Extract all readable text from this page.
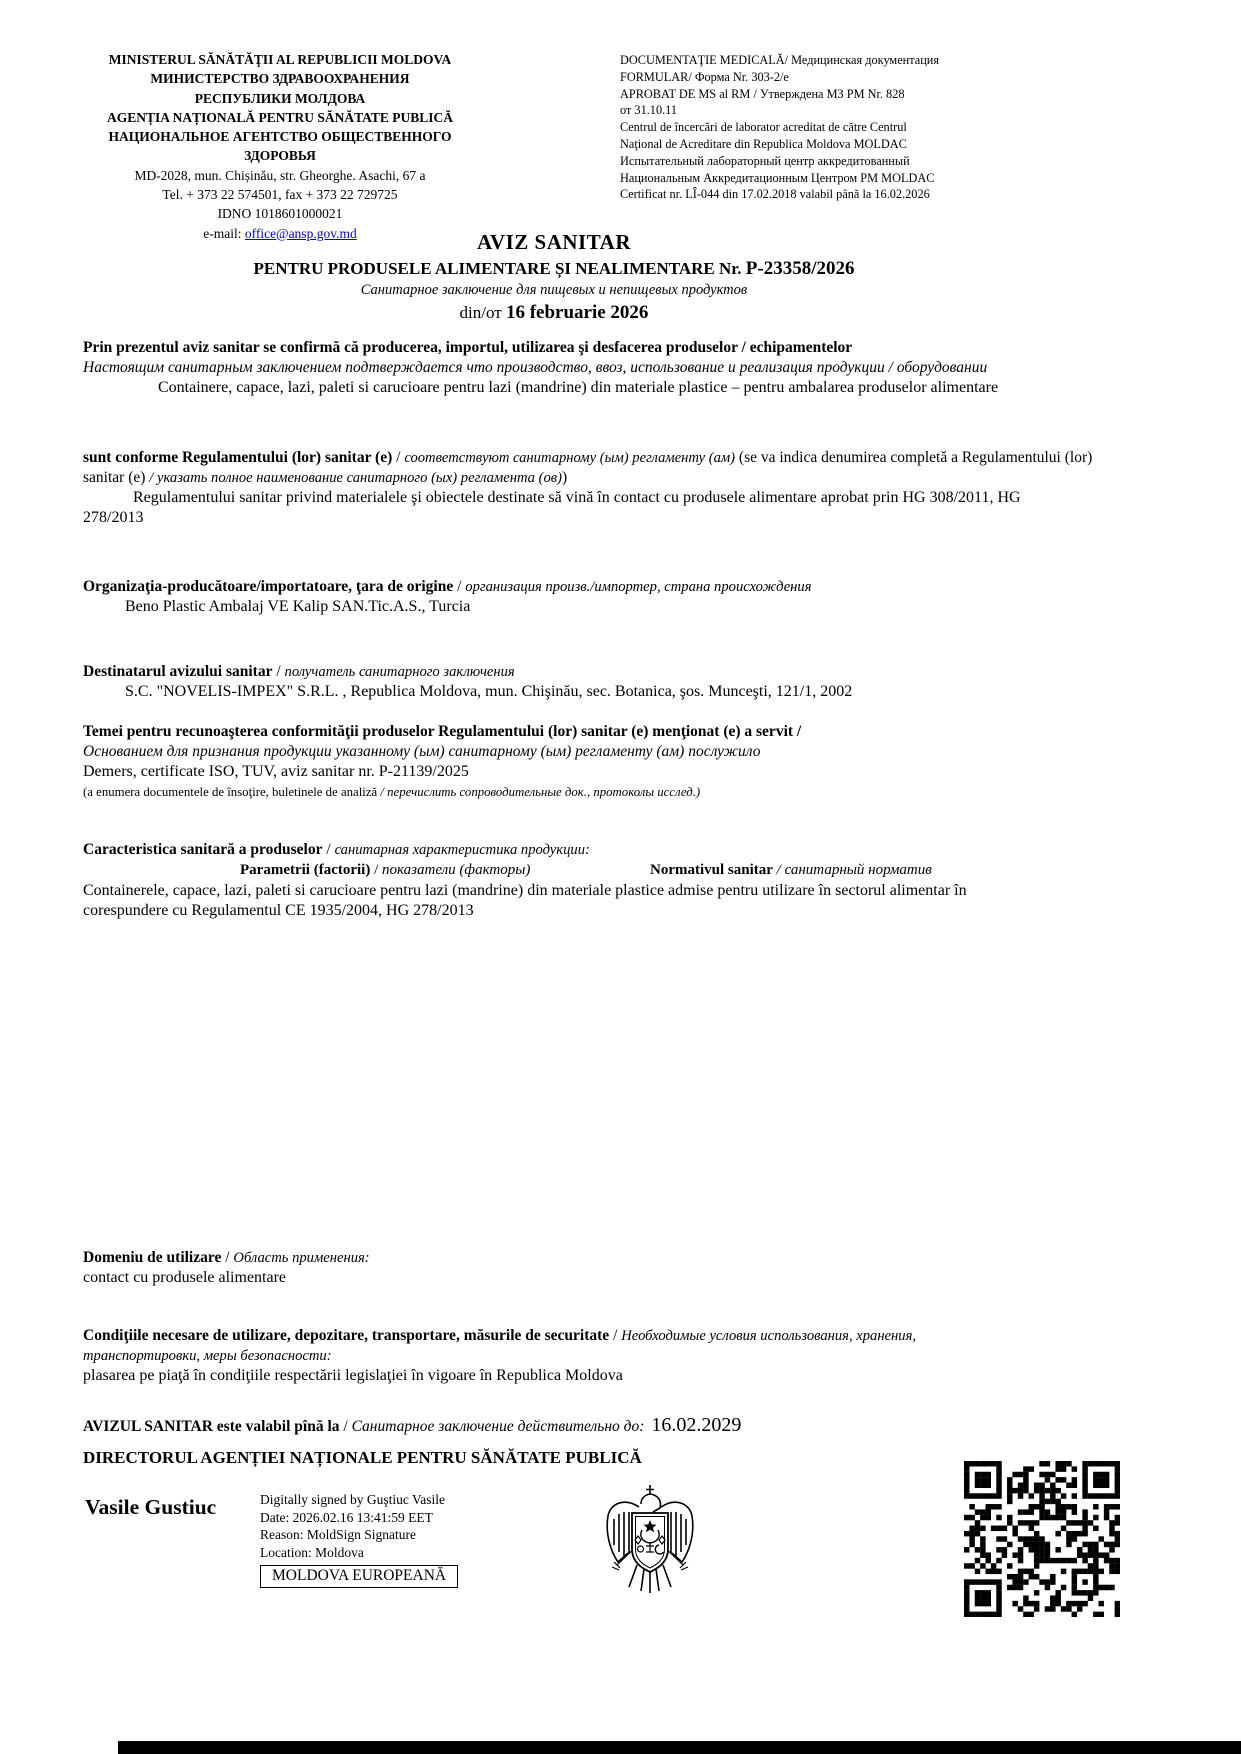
MINISTERUL SĂNĂTĂŢII AL REPUBLICII MOLDOVA
МИНИСТЕРСТВО ЗДРАВООХРАНЕНИЯ
РЕСПУБЛИКИ МОЛДОВА
AGENȚIA NAȚIONALĂ PENTRU SĂNĂTATE PUBLICĂ
НАЦИОНАЛЬНОЕ АГЕНТСТВО ОБЩЕСТВЕННОГО
ЗДОРОВЬЯ
MD-2028, mun. Chișinău, str. Gheorghe. Asachi, 67 a
Tel. + 373 22 574501, fax + 373 22 729725
IDNO 1018601000021
e-mail: office@ansp.gov.md
DOCUMENTAŢIE MEDICALĂ/ Медицинская документация
FORMULAR/ Форма Nr. 303-2/e
APROBAT DE MS al RM / Утверждена МЗ РМ Nr. 828
от 31.10.11
Centrul de încercări de laborator acreditat de către Centrul
Naţional de Acreditare din Republica Moldova MOLDAC
Испытательный лабораторный центр аккредитованный
Национальным Аккредитационным Центром РМ MOLDAC
Certificat nr. LÎ-044 din 17.02.2018 valabil până la 16.02.2026
AVIZ SANITAR
PENTRU PRODUSELE ALIMENTARE ȘI NEALIMENTARE Nr. P-23358/2026
Санитарное заключение для пищевых и непищевых продуктов
din/от 16 februarie 2026

Prin prezentul aviz sanitar se confirmă că producerea, importul, utilizarea şi desfacerea produselor / echipamentelor

Настоящим санитарным заключением подтверждается что производство, ввоз, использование и реализация продукции / оборудовании

Containere, capace, lazi, paleti si carucioare pentru lazi (mandrine) din materiale plastice – pentru ambalarea produselor alimentare

sunt conforme Regulamentului (lor) sanitar (e) / соответствуют санитарному (ым) регламенту (ам) (se va indica denumirea completă a Regulamentului (lor) sanitar (e) / указать полное наименование санитарного (ых) регламента (ов))

Regulamentului sanitar privind materialele şi obiectele destinate să vină în contact cu produsele alimentare aprobat prin HG 308/2011, HG 278/2013

Organizaţia-producătoare/importatoare, ţara de origine / организация произв./импортер, страна происхождения

Beno Plastic Ambalaj VE Kalip SAN.Tic.A.S., Turcia

Destinatarul avizului sanitar / получатель санитарного заключения

S.C. "NOVELIS-IMPEX" S.R.L. , Republica Moldova, mun. Chişinău, sec. Botanica, şos. Munceşti, 121/1, 2002

Temei pentru recunoaşterea conformităţii produselor Regulamentului (lor) sanitar (e) menţionat (e) a servit /

Основанием для признания продукции указанному (ым) санитарному (ым) регламенту (ам) послужило

Demers, certificate ISO, TUV, aviz sanitar nr. P-21139/2025

(a enumera documentele de însoţire, buletinele de analiză / перечислить сопроводительные док., протоколы исслед.)

Caracteristica sanitară a produselor / санитарная характеристика продукции:

Parametrii (factorii) / показатели (факторы)	Normativul sanitar / санитарный норматив

Containerele, capace, lazi, paleti si carucioare pentru lazi (mandrine) din materiale plastice admise pentru utilizare în sectorul alimentar în corespundere cu Regulamentul CE 1935/2004, HG 278/2013

Domeniu de utilizare / Область применения:

contact cu produsele alimentare

Condiţiile necesare de utilizare, depozitare, transportare, măsurile de securitate / Необходимые условия использования, хранения, транспортировки, меры безопасности:

plasarea pe piaţă în condiţiile respectării legislaţiei în vigoare în Republica Moldova

AVIZUL SANITAR este valabil pînă la / Санитарное заключение действительно до: 16.02.2029

DIRECTORUL AGENȚIEI NAȚIONALE PENTRU SĂNĂTATE PUBLICĂ
Vasile Gustiuc	Digitally signed by Guştiuc Vasile
Date: 2026.02.16 13:41:59 EET
Reason: MoldSign Signature
Location: Moldova
MOLDOVA EUROPEANĂ
